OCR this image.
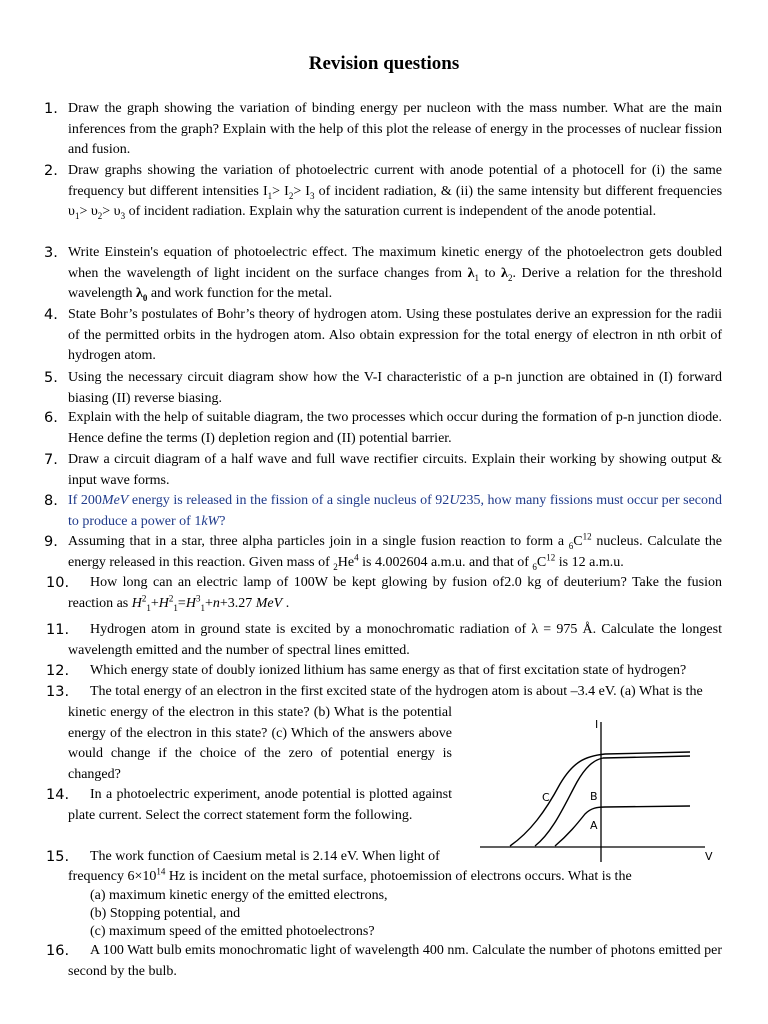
Revision questions
1. Draw the graph showing the variation of binding energy per nucleon with the mass number. What are the main inferences from the graph? Explain with the help of this plot the release of energy in the processes of nuclear fission and fusion.
2. Draw graphs showing the variation of photoelectric current with anode potential of a photocell for (i) the same frequency but different intensities $I_1> I_2> I_3$ of incident radiation, & (ii) the same intensity but different frequencies $\upsilon_1> \upsilon_2> \upsilon_3$ of incident radiation. Explain why the saturation current is independent of the anode potential.
3. Write Einstein's equation of photoelectric effect. The maximum kinetic energy of the photoelectron gets doubled when the wavelength of light incident on the surface changes from $\lambda_1$ to $\lambda_2$. Derive a relation for the threshold wavelength $\lambda_0$ and work function for the metal.
4. State Bohr’s postulates of Bohr’s theory of hydrogen atom. Using these postulates derive an expression for the radii of the permitted orbits in the hydrogen atom. Also obtain expression for the total energy of electron in nth orbit of hydrogen atom.
5. Using the necessary circuit diagram show how the V-I characteristic of a p-n junction are obtained in (I) forward biasing (II) reverse biasing.
6. Explain with the help of suitable diagram, the two processes which occur during the formation of p-n junction diode. Hence define the terms (I) depletion region and (II) potential barrier.
7. Draw a circuit diagram of a half wave and full wave rectifier circuits. Explain their working by showing output & input wave forms.
8. If 200MeV energy is released in the fission of a single nucleus of 92U235, how many fissions must occur per second to produce a power of 1kW?
9. Assuming that in a star, three alpha particles join in a single fusion reaction to form a $_6C^{12}$ nucleus. Calculate the energy released in this reaction. Given mass of $_2He^4$ is 4.002604 a.m.u. and that of $_6C^{12}$ is 12 a.m.u.
10. How long can an electric lamp of 100W be kept glowing by fusion of2.0 kg of deuterium? Take the fusion reaction as $H^2_1+H^2_1=H^3_1+n+3.27$ MeV .
11. Hydrogen atom in ground state is excited by a monochromatic radiation of λ = 975 Å. Calculate the longest wavelength emitted and the number of spectral lines emitted.
12. Which energy state of doubly ionized lithium has same energy as that of first excitation state of hydrogen?
13. The total energy of an electron in the first excited state of the hydrogen atom is about –3.4 eV. (a) What is the
kinetic energy of the electron in this state? (b) What is the potential energy of the electron in this state? (c) Which of the answers above would change if the choice of the zero of potential energy is changed?
14. In a photoelectric experiment, anode potential is plotted against plate current. Select the correct statement form the following.
15. The work function of Caesium metal is 2.14 eV. When light of
frequency $6\times 10^{14}$ Hz is incident on the metal surface, photoemission of electrons occurs. What is the
(a) maximum kinetic energy of the emitted electrons,
(b) Stopping potential, and
(c) maximum speed of the emitted photoelectrons?
16. A 100 Watt bulb emits monochromatic light of wavelength 400 nm. Calculate the number of photons emitted per second by the bulb.
I
V
C	B
A
